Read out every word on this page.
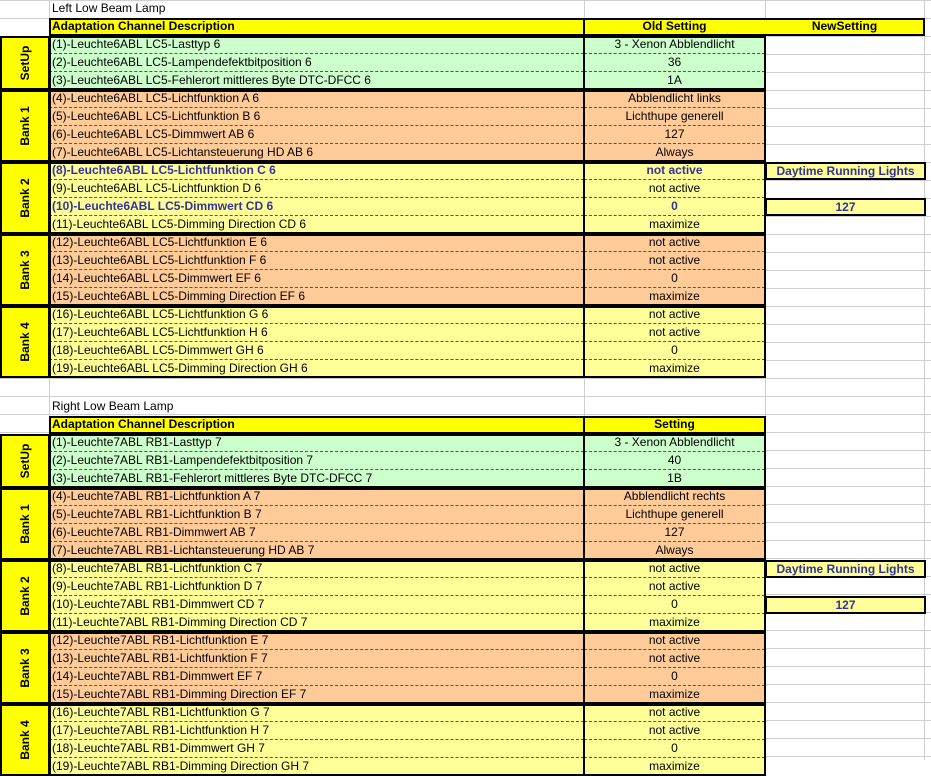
Left Low Beam Lamp
Adaptation Channel Description	Old Setting	NewSetting
SetUp
(1)-Leuchte6ABL LC5-Lasttyp 6	3 - Xenon Abblendlicht
(2)-Leuchte6ABL LC5-Lampendefektbitposition 6	36
(3)-Leuchte6ABL LC5-Fehlerort mittleres Byte DTC-DFCC 6	1A
Bank 1
(4)-Leuchte6ABL LC5-Lichtfunktion A 6	Abblendlicht links
(5)-Leuchte6ABL LC5-Lichtfunktion B 6	Lichthupe generell
(6)-Leuchte6ABL LC5-Dimmwert AB 6	127
(7)-Leuchte6ABL LC5-Lichtansteuerung HD AB 6	Always
Bank 2
(8)-Leuchte6ABL LC5-Lichtfunktion C 6	not active	Daytime Running Lights
(9)-Leuchte6ABL LC5-Lichtfunktion D 6	not active
(10)-Leuchte6ABL LC5-Dimmwert CD 6	0	127
(11)-Leuchte6ABL LC5-Dimming Direction CD 6	maximize
Bank 3
(12)-Leuchte6ABL LC5-Lichtfunktion E 6	not active
(13)-Leuchte6ABL LC5-Lichtfunktion F 6	not active
(14)-Leuchte6ABL LC5-Dimmwert EF 6	0
(15)-Leuchte6ABL LC5-Dimming Direction EF 6	maximize
Bank 4
(16)-Leuchte6ABL LC5-Lichtfunktion G 6	not active
(17)-Leuchte6ABL LC5-Lichtfunktion H 6	not active
(18)-Leuchte6ABL LC5-Dimmwert GH 6	0
(19)-Leuchte6ABL LC5-Dimming Direction GH 6	maximize
Right Low Beam Lamp
Adaptation Channel Description	Setting
SetUp
(1)-Leuchte7ABL RB1-Lasttyp 7	3 - Xenon Abblendlicht
(2)-Leuchte7ABL RB1-Lampendefektbitposition 7	40
(3)-Leuchte7ABL RB1-Fehlerort mittleres Byte DTC-DFCC 7	1B
Bank 1
(4)-Leuchte7ABL RB1-Lichtfunktion A 7	Abblendlicht rechts
(5)-Leuchte7ABL RB1-Lichtfunktion B 7	Lichthupe generell
(6)-Leuchte7ABL RB1-Dimmwert AB 7	127
(7)-Leuchte7ABL RB1-Lichtansteuerung HD AB 7	Always
Bank 2
(8)-Leuchte7ABL RB1-Lichtfunktion C 7	not active	Daytime Running Lights
(9)-Leuchte7ABL RB1-Lichtfunktion D 7	not active
(10)-Leuchte7ABL RB1-Dimmwert CD 7	0	127
(11)-Leuchte7ABL RB1-Dimming Direction CD 7	maximize
Bank 3
(12)-Leuchte7ABL RB1-Lichtfunktion E 7	not active
(13)-Leuchte7ABL RB1-Lichtfunktion F 7	not active
(14)-Leuchte7ABL RB1-Dimmwert EF 7	0
(15)-Leuchte7ABL RB1-Dimming Direction EF 7	maximize
Bank 4
(16)-Leuchte7ABL RB1-Lichtfunktion G 7	not active
(17)-Leuchte7ABL RB1-Lichtfunktion H 7	not active
(18)-Leuchte7ABL RB1-Dimmwert GH 7	0
(19)-Leuchte7ABL RB1-Dimming Direction GH 7	maximize
